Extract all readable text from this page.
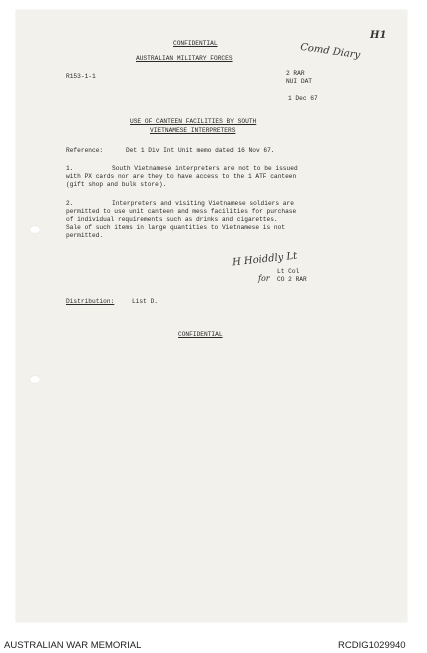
CONFIDENTIAL
AUSTRALIAN MILITARY FORCES	Comd Diary
H1
R153-1-1	2 RAR
NUI DAT
1 Dec 67
USE OF CANTEEN FACILITIES BY SOUTH
VIETNAMESE INTERPRETERS
Reference:	Det 1 Div Int Unit memo dated 16 Nov 67.
1.	South Vietnamese interpreters are not to be issued
with PX cards nor are they to have access to the 1 ATF canteen
(gift shop and bulk store).
2.	Interpreters and visiting Vietnamese soldiers are
permitted to use unit canteen and mess facilities for purchase
of individual requirements such as drinks and cigarettes.
Sale of such items in large quantities to Vietnamese is not
permitted.
H Hoiddly Lt
Lt Col
for CO 2 RAR
Distribution:	List D.
CONFIDENTIAL
AUSTRALIAN WAR MEMORIAL	RCDIG1029940
